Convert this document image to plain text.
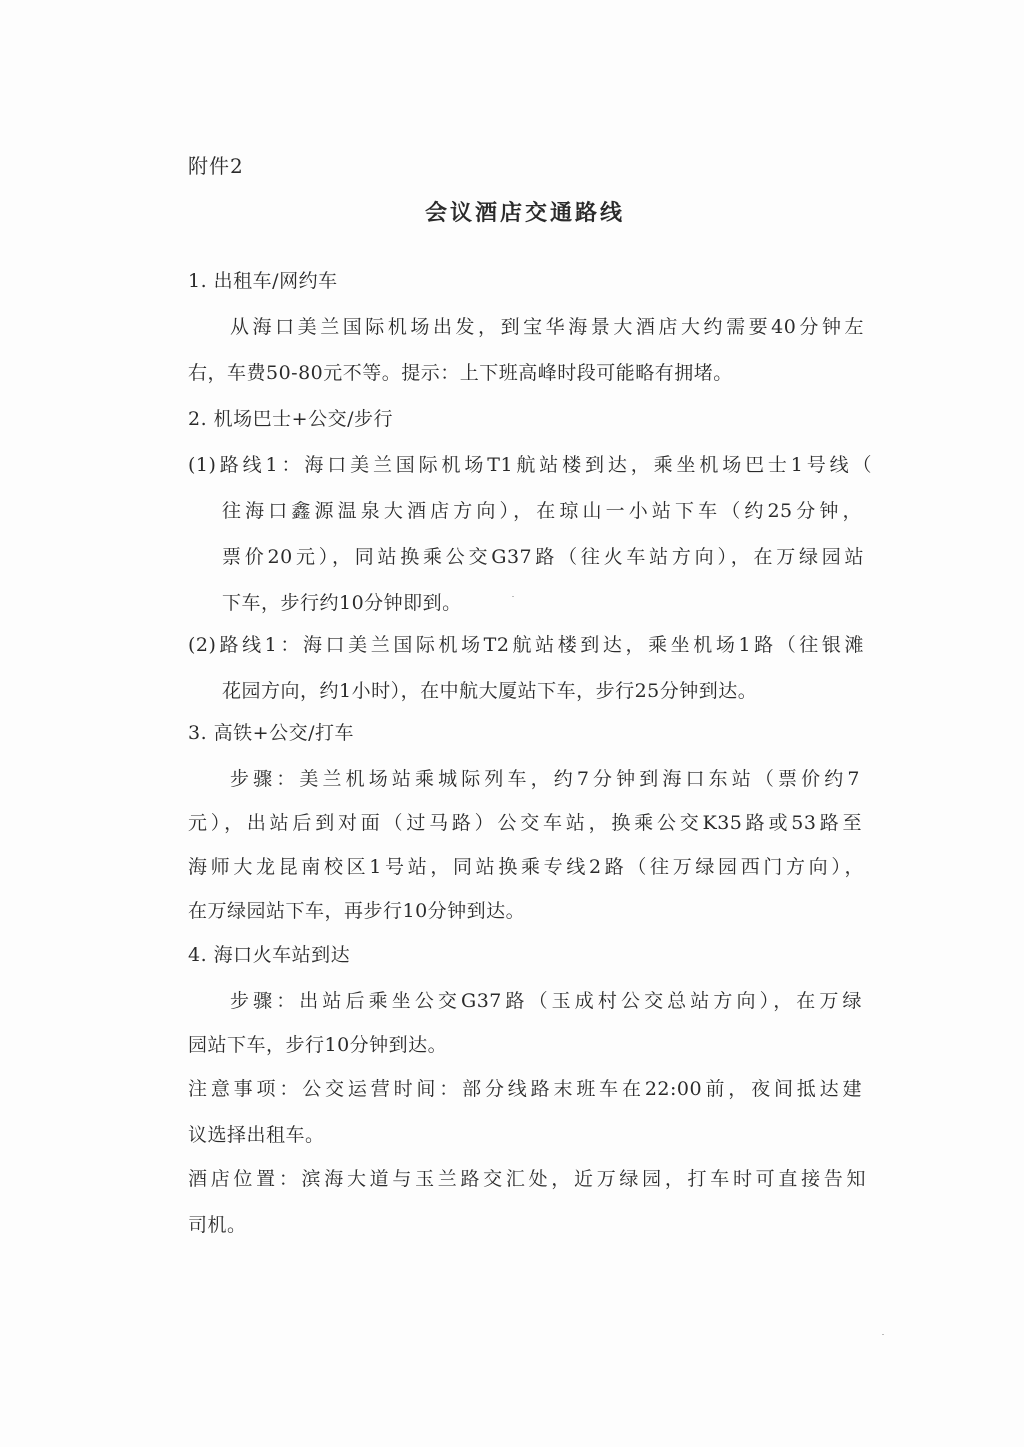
附件2
会议酒店交通路线
1. 出租车/网约车
从海口美兰国际机场出发，到宝华海景大酒店大约需要40分钟左
右，车费50-80元不等。提示：上下班高峰时段可能略有拥堵。
2. 机场巴士+公交/步行
(1)路线1：海口美兰国际机场T1航站楼到达，乘坐机场巴士1号线（
往海口鑫源温泉大酒店方向），在琼山一小站下车（约25分钟，
票价20元），同站换乘公交G37路（往火车站方向），在万绿园站
下车，步行约10分钟即到。
(2)路线1：海口美兰国际机场T2航站楼到达，乘坐机场1路（往银滩
花园方向，约1小时），在中航大厦站下车，步行25分钟到达。
3. 高铁+公交/打车
步骤：美兰机场站乘城际列车，约7分钟到海口东站（票价约7
元），出站后到对面（过马路）公交车站，换乘公交K35路或53路至
海师大龙昆南校区1号站，同站换乘专线2路（往万绿园西门方向），
在万绿园站下车，再步行10分钟到达。
4. 海口火车站到达
步骤：出站后乘坐公交G37路（玉成村公交总站方向），在万绿
园站下车，步行10分钟到达。
注意事项：公交运营时间：部分线路末班车在22:00前，夜间抵达建
议选择出租车。
酒店位置：滨海大道与玉兰路交汇处，近万绿园，打车时可直接告知
司机。
